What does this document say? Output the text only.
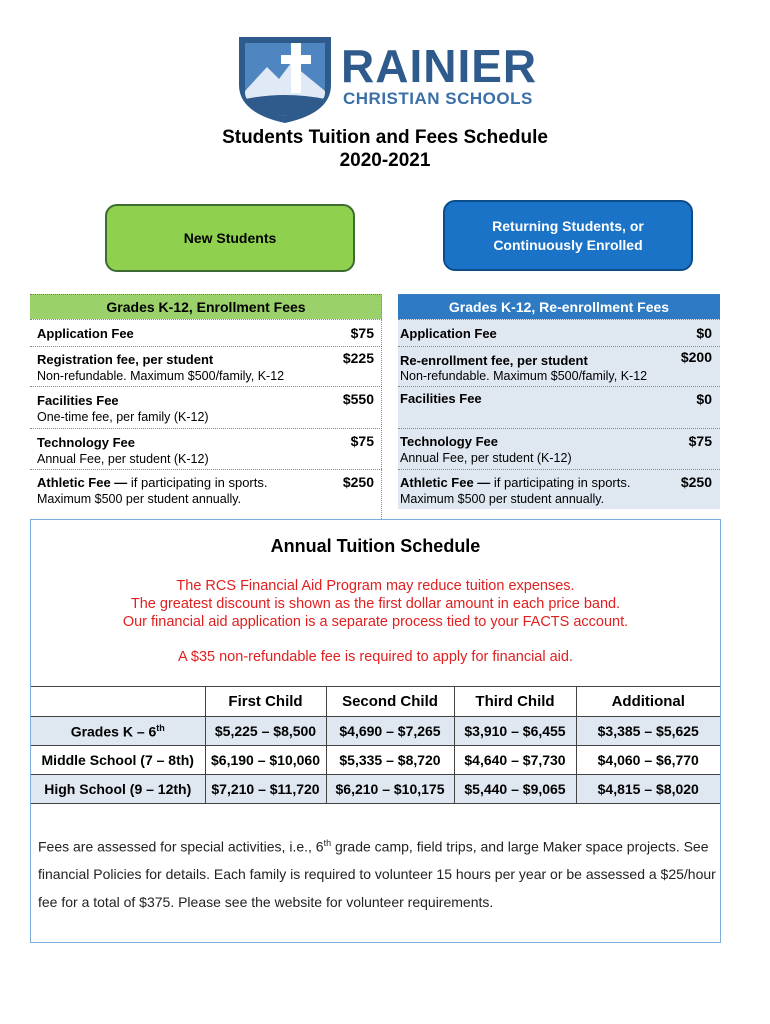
RAINIER
CHRISTIAN SCHOOLS
Students Tuition and Fees Schedule
2020-2021
New Students
Returning Students, or
Continuously Enrolled
Grades K-12, Enrollment Fees
Application Fee	$75
Registration fee, per student	$225
Non-refundable. Maximum $500/family, K-12
Facilities Fee	$550
One-time fee, per family (K-12)
Technology Fee	$75
Annual Fee, per student (K-12)
Athletic Fee — if participating in sports.	$250
Maximum $500 per student annually.
Grades K-12, Re-enrollment Fees
Application Fee	$0
Re-enrollment fee, per student	$200
Non-refundable. Maximum $500/family, K-12
Facilities Fee	$0
Technology Fee	$75
Annual Fee, per student (K-12)
Athletic Fee — if participating in sports.	$250
Maximum $500 per student annually.
Annual Tuition Schedule
The RCS Financial Aid Program may reduce tuition expenses.
The greatest discount is shown as the first dollar amount in each price band.
Our financial aid application is a separate process tied to your FACTS account.
A $35 non-refundable fee is required to apply for financial aid.
	First Child	Second Child	Third Child	Additional
Grades K – 6th	$5,225 – $8,500	$4,690 – $7,265	$3,910 – $6,455	$3,385 – $5,625
Middle School (7 – 8th)	$6,190 – $10,060	$5,335 – $8,720	$4,640 – $7,730	$4,060 – $6,770
High School (9 – 12th)	$7,210 – $11,720	$6,210 – $10,175	$5,440 – $9,065	$4,815 – $8,020
Fees are assessed for special activities, i.e., 6th grade camp, field trips, and large Maker space projects. See financial Policies for details. Each family is required to volunteer 15 hours per year or be assessed a $25/hour fee for a total of $375. Please see the website for volunteer requirements.
